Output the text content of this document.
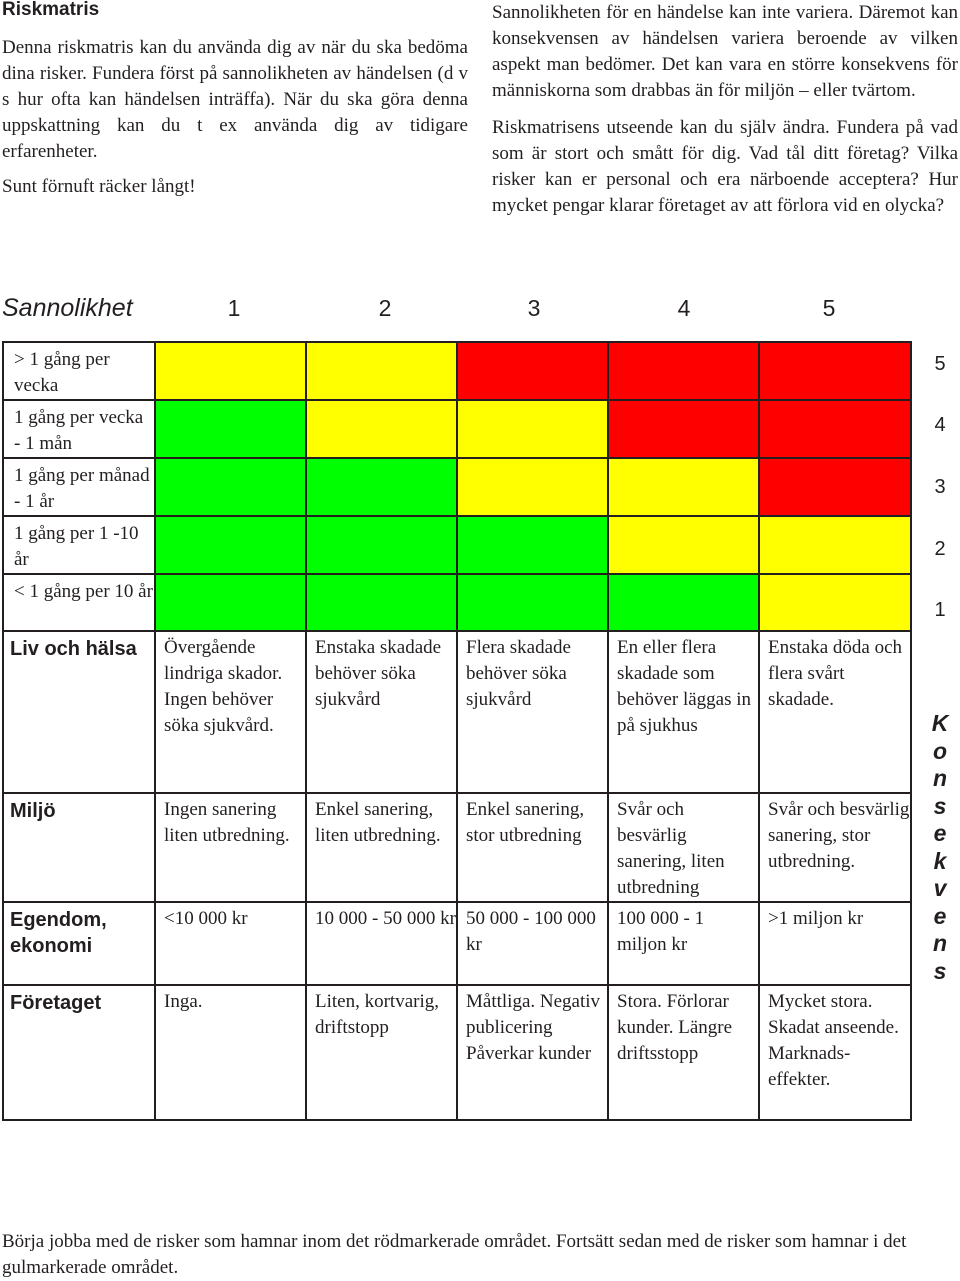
Riskmatris

Denna riskmatris kan du använda dig av när du ska bedöma dina risker. Fundera först på sannolikheten av händelsen (d v s hur ofta kan händelsen inträffa). När du ska göra denna uppskattning kan du t ex använda dig av tidigare erfarenheter.

Sunt förnuft räcker långt!

Sannolikheten för en händelse kan inte variera. Däremot kan konsekvensen av händelsen variera beroende av vilken aspekt man bedömer. Det kan vara en större konsekvens för människorna som drabbas än för miljön – eller tvärtom.

Riskmatrisens utseende kan du själv ändra. Fundera på vad som är stort och smått för dig. Vad tål ditt företag? Vilka risker kan er personal och era närboende acceptera? Hur mycket pengar klarar företaget av att förlora vid en olycka?

Sannolikhet	1	2	3	4	5
> 1 gång per vecka					
1 gång per vecka - 1 mån					
1 gång per månad - 1 år					
1 gång per 1 -10 år					
< 1 gång per 10 år					
Liv och hälsa	Övergående lindriga skador. Ingen behöver söka sjukvård.	Enstaka skadade behöver söka sjukvård	Flera skadade behöver söka sjukvård	En eller flera skadade som behöver läggas in på sjukhus	Enstaka döda och flera svårt skadade.
Miljö	Ingen sanering liten utbredning.	Enkel sanering, liten utbredning.	Enkel sanering, stor utbredning	Svår och besvärlig sanering, liten utbredning	Svår och besvärlig sanering, stor utbredning.
Egendom, ekonomi	<10 000 kr	10 000 - 50 000 kr	50 000 - 100 000 kr	100 000 - 1 miljon kr	>1 miljon kr
Företaget	Inga.	Liten, kortvarig, driftstopp	Måttliga. Negativ publicering Påverkar kunder	Stora. Förlorar kunder. Längre driftsstopp	Mycket stora. Skadat anseende. Marknads-effekter.
5
4
3
2
1
K
o
n
s
e
k
v
e
n
s
Börja jobba med de risker som hamnar inom det rödmarkerade området. Fortsätt sedan med de risker som hamnar i det gulmarkerade området.
